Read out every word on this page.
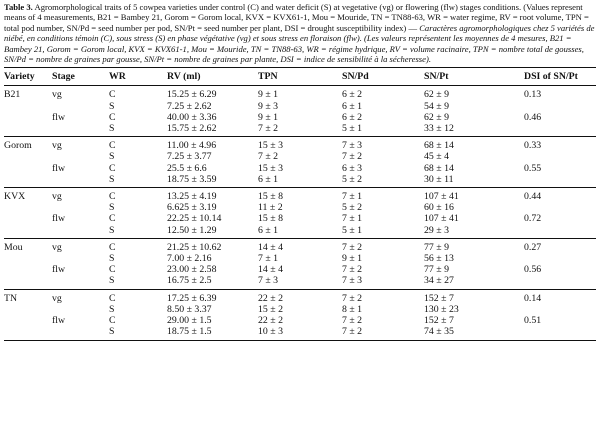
Table 3. Agromorphological traits of 5 cowpea varieties under control (C) and water deficit (S) at vegetative (vg) or flowering (flw) stages conditions. (Values represent means of 4 measurements, B21 = Bambey 21, Gorom = Gorom local, KVX = KVX61-1, Mou = Mouride, TN = TN88-63, WR = water regime, RV = root volume, TPN = total pod number, SN/Pd = seed number per pod, SN/Pt = seed number per plant, DSI = drought susceptibility index) — Caractères agromorphologiques chez 5 variétés de niébé, en conditions témoin (C), sous stress (S) en phase végétative (vg) et sous stress en floraison (flw). (Les valeurs représentent les moyennes de 4 mesures, B21 = Bambey 21, Gorom = Gorom local, KVX = KVX61-1, Mou = Mouride, TN = TN88-63, WR = régime hydrique, RV = volume racinaire, TPN = nombre total de gousses, SN/Pd = nombre de graines par gousse, SN/Pt = nombre de graines par plante, DSI = indice de sensibilité à la sécheresse).
Variety	Stage	WR	RV (ml)	TPN	SN/Pd	SN/Pt	DSI of SN/Pt
B21	vg	C	15.25 ± 6.29	9 ± 1	6 ± 2	62 ± 9	0.13
		S	7.25 ± 2.62	9 ± 3	6 ± 1	54 ± 9	
	flw	C	40.00 ± 3.36	9 ± 1	6 ± 2	62 ± 9	0.46
		S	15.75 ± 2.62	7 ± 2	5 ± 1	33 ± 12	
Gorom	vg	C	11.00 ± 4.96	15 ± 3	7 ± 3	68 ± 14	0.33
		S	7.25 ± 3.77	7 ± 2	7 ± 2	45 ± 4	
	flw	C	25.5 ± 6.6	15 ± 3	6 ± 3	68 ± 14	0.55
		S	18.75 ± 3.59	6 ± 1	5 ± 2	30 ± 11	
KVX	vg	C	13.25 ± 4.19	15 ± 8	7 ± 1	107 ± 41	0.44
		S	6.625 ± 3.19	11 ± 2	5 ± 2	60 ± 16	
	flw	C	22.25 ± 10.14	15 ± 8	7 ± 1	107 ± 41	0.72
		S	12.50 ± 1.29	6 ± 1	5 ± 1	29 ± 3	
Mou	vg	C	21.25 ± 10.62	14 ± 4	7 ± 2	77 ± 9	0.27
		S	7.00 ± 2.16	7 ± 1	9 ± 1	56 ± 13	
	flw	C	23.00 ± 2.58	14 ± 4	7 ± 2	77 ± 9	0.56
		S	16.75 ± 2.5	7 ± 3	7 ± 3	34 ± 27	
TN	vg	C	17.25 ± 6.39	22 ± 2	7 ± 2	152 ± 7	0.14
		S	8.50 ± 3.37	15 ± 2	8 ± 1	130 ± 23	
	flw	C	29.00 ± 1.5	22 ± 2	7 ± 2	152 ± 7	0.51
		S	18.75 ± 1.5	10 ± 3	7 ± 2	74 ± 35	
